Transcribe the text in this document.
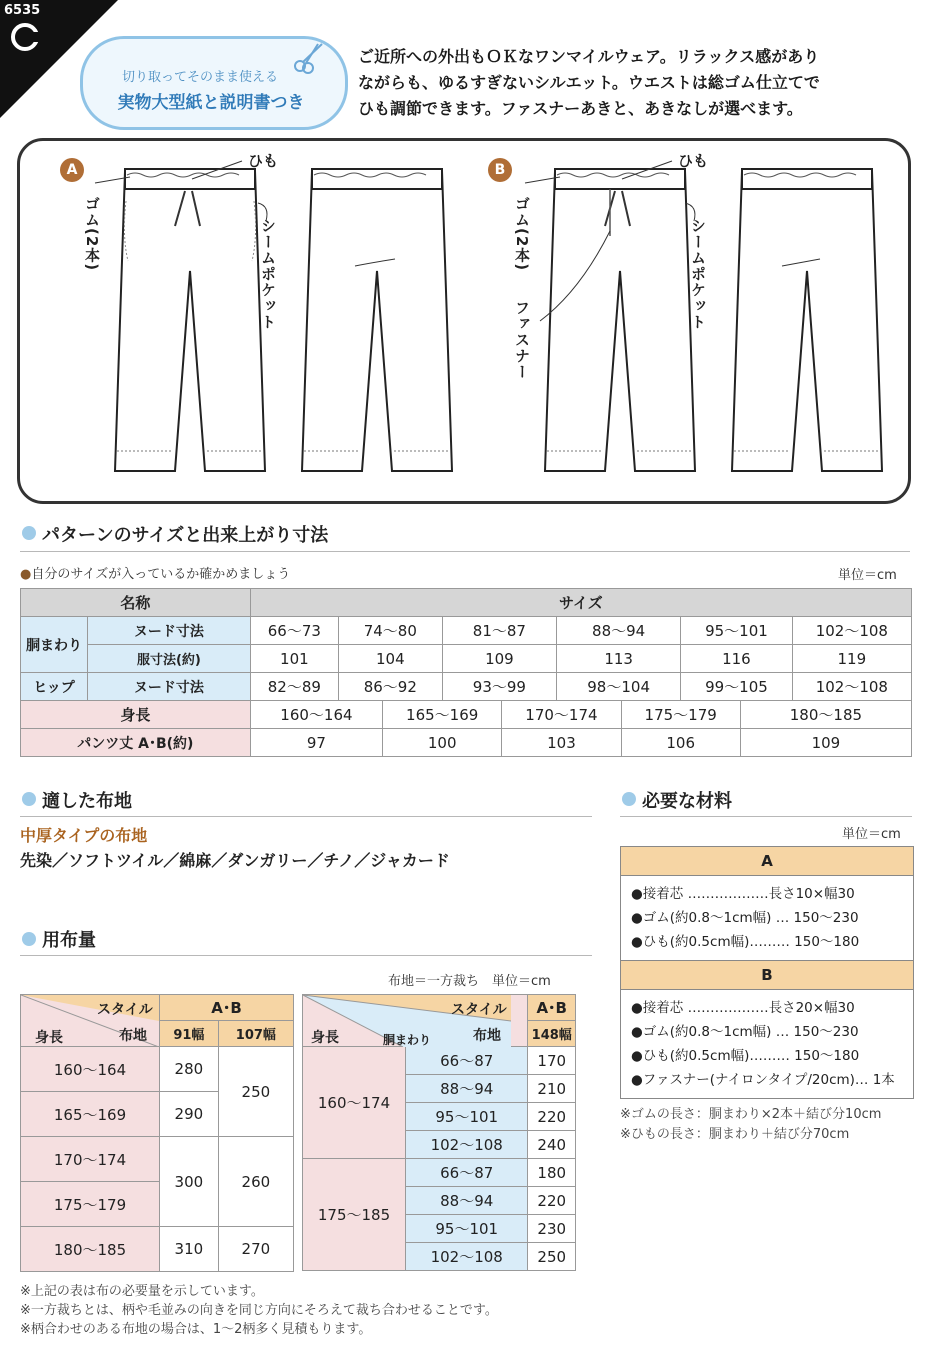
6535
切り取ってそのまま使える
実物大型紙と説明書つき
ご近所への外出もＯＫなワンマイルウェア。リラックス感があり
ながらも、ゆるすぎないシルエット。ウエストは総ゴム仕立てで
ひも調節できます。ファスナーあきと、あきなしが選べます。
A	ひも
ゴム(2本)	シームポケット
B	ひも
ゴム(2本)
ファスナー
シームポケット
パターンのサイズと出来上がり寸法
●自分のサイズが入っているか確かめましょう	単位＝cm
名称		サイズ									
胴まわり	ヌード寸法	66〜73	74〜80		81〜87		88〜94		95〜101		102〜108
	服寸法(約)	101	104		109		113		116		119
ヒップ	ヌード寸法	82〜89	86〜92		93〜99		98〜104		99〜105		102〜108
身長		160〜164		165〜169		170〜174		175〜179		180〜185	
パンツ丈 A･B(約)		97		100		103		106		109	
適した布地
中厚タイプの布地
先染／ソフトツイル／綿麻／ダンガリー／チノ／ジャカード
必要な材料
単位＝cm
A
●接着芯 ………………長さ10×幅30
●ゴム(約0.8〜1cm幅) … 150〜230
●ひも(約0.5cm幅)……… 150〜180
B
●接着芯 ………………長さ20×幅30
●ゴム(約0.8〜1cm幅) … 150〜230
●ひも(約0.5cm幅)……… 150〜180
●ファスナー(ナイロンタイプ/20cm)… 1本
※ゴムの長さ：胴まわり×2本＋結び分10cm
※ひもの長さ：胴まわり＋結び分70cm
用布量
布地＝一方裁ち　単位＝cm
スタイル
布地
身長	A･B	
	91幅	107幅
160〜164	280	250
165〜169	290	
170〜174	300	260
175〜179		
180〜185	310	270
スタイル
布地
胴まわり
身長		A･B
		148幅
160〜174	66〜87	170
	88〜94	210
	95〜101	220
	102〜108	240
175〜185	66〜87	180
	88〜94	220
	95〜101	230
	102〜108	250
※上記の表は布の必要量を示しています。
※一方裁ちとは、柄や毛並みの向きを同じ方向にそろえて裁ち合わせることです。
※柄合わせのある布地の場合は、1〜2柄多く見積もります。
